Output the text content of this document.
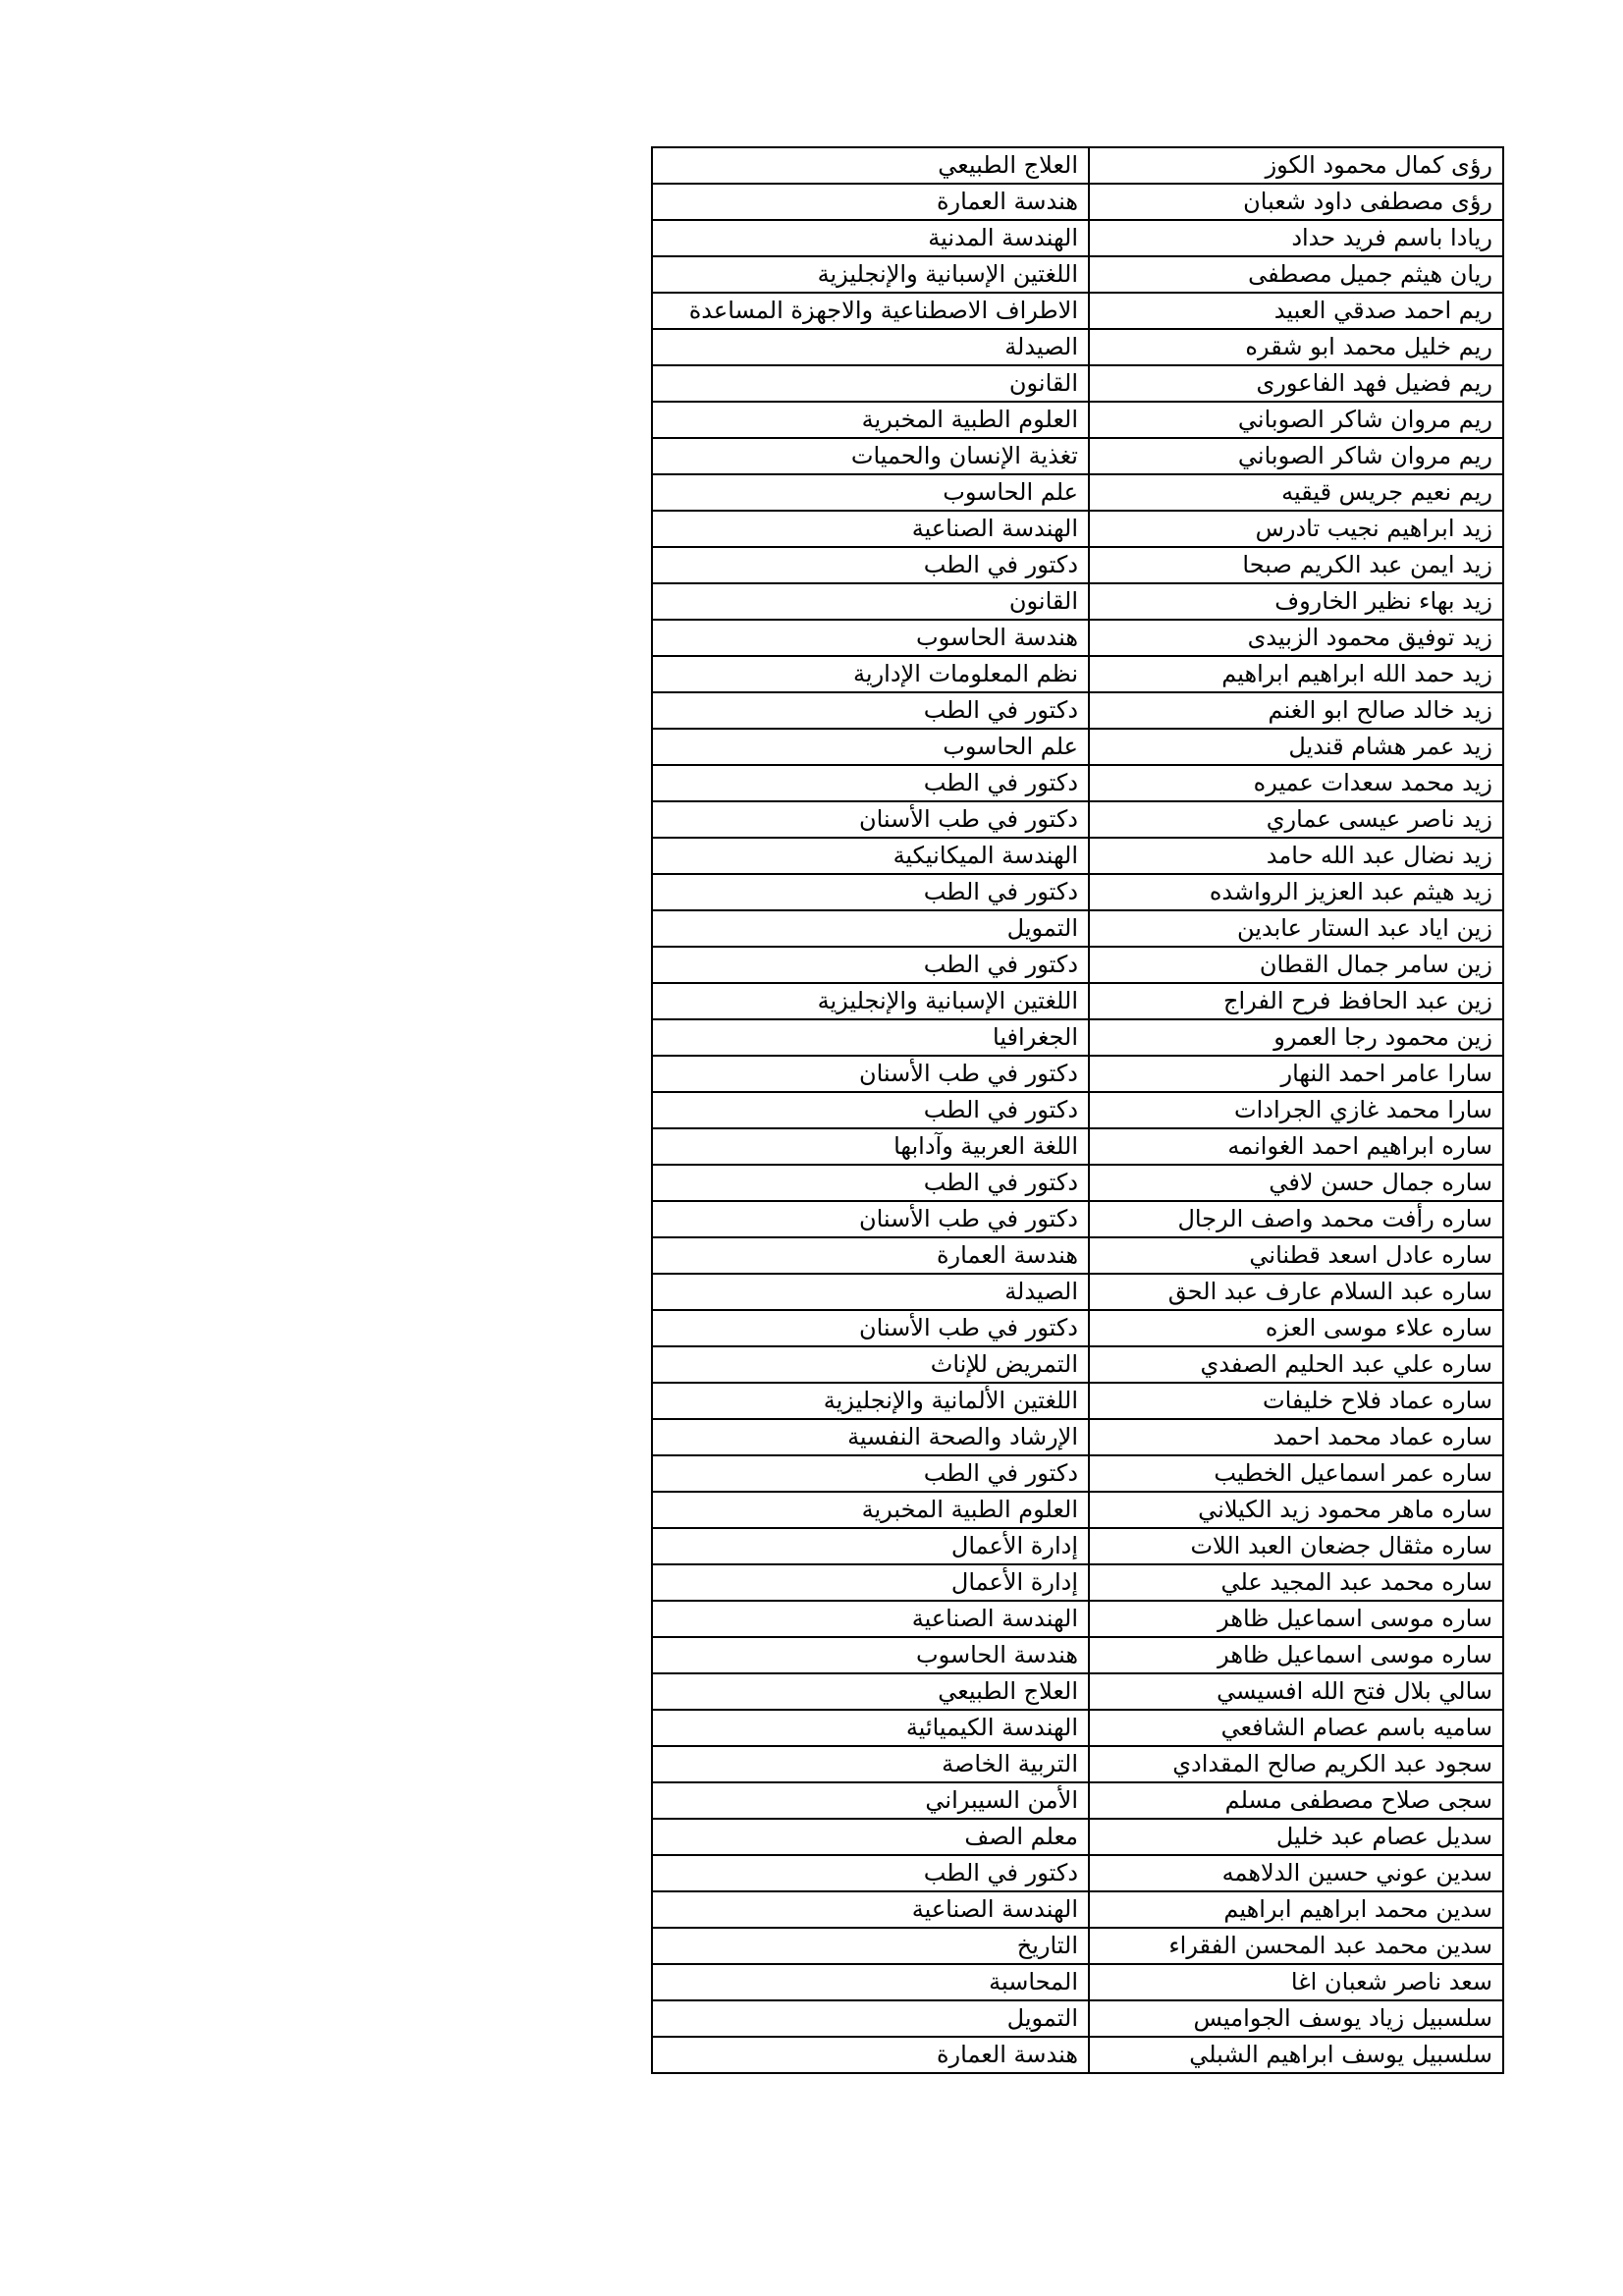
رؤى كمال محمود الكوز	العلاج الطبيعي
رؤى مصطفى داود شعبان	هندسة العمارة
ريادا باسم فريد حداد	الهندسة المدنية
ريان هيثم جميل مصطفى	اللغتين الإسبانية والإنجليزية
ريم احمد صدقي العبيد	الاطراف الاصطناعية والاجهزة المساعدة
ريم خليل محمد ابو شقره	الصيدلة
ريم فضيل فهد الفاعورى	القانون
ريم مروان شاكر الصوباني	العلوم الطبية المخبرية
ريم مروان شاكر الصوباني	تغذية الإنسان والحميات
ريم نعيم جريس قيقيه	علم الحاسوب
زيد ابراهيم نجيب تادرس	الهندسة الصناعية
زيد ايمن عبد الكريم صبحا	دكتور في الطب
زيد بهاء نظير الخاروف	القانون
زيد توفيق محمود الزبيدى	هندسة الحاسوب
زيد حمد الله ابراهيم ابراهيم	نظم المعلومات الإدارية
زيد خالد صالح ابو الغنم	دكتور في الطب
زيد عمر هشام قنديل	علم الحاسوب
زيد محمد سعدات عميره	دكتور في الطب
زيد ناصر عيسى عماري	دكتور في طب الأسنان
زيد نضال عبد الله حامد	الهندسة الميكانيكية
زيد هيثم عبد العزيز الرواشده	دكتور في الطب
زين اياد عبد الستار عابدين	التمويل
زين سامر جمال القطان	دكتور في الطب
زين عبد الحافظ فرح الفراج	اللغتين الإسبانية والإنجليزية
زين محمود رجا العمرو	الجغرافيا
سارا عامر احمد النهار	دكتور في طب الأسنان
سارا محمد غازي الجرادات	دكتور في الطب
ساره ابراهيم احمد الغوانمه	اللغة العربية وآدابها
ساره جمال حسن لافي	دكتور في الطب
ساره رأفت محمد واصف الرجال	دكتور في طب الأسنان
ساره عادل اسعد قطناني	هندسة العمارة
ساره عبد السلام عارف عبد الحق	الصيدلة
ساره علاء موسى العزه	دكتور في طب الأسنان
ساره علي عبد الحليم الصفدي	التمريض للإناث
ساره عماد فلاح خليفات	اللغتين الألمانية والإنجليزية
ساره عماد محمد احمد	الإرشاد والصحة النفسية
ساره عمر اسماعيل الخطيب	دكتور في الطب
ساره ماهر محمود زيد الكيلاني	العلوم الطبية المخبرية
ساره مثقال جضعان العبد اللات	إدارة الأعمال
ساره محمد عبد المجيد علي	إدارة الأعمال
ساره موسى اسماعيل ظاهر	الهندسة الصناعية
ساره موسى اسماعيل ظاهر	هندسة الحاسوب
سالي بلال فتح الله افسيسي	العلاج الطبيعي
ساميه باسم عصام الشافعي	الهندسة الكيميائية
سجود عبد الكريم صالح المقدادي	التربية الخاصة
سجى صلاح مصطفى مسلم	الأمن السيبراني
سديل عصام عبد خليل	معلم الصف
سدين عوني حسين الدلاهمه	دكتور في الطب
سدين محمد ابراهيم ابراهيم	الهندسة الصناعية
سدين محمد عبد المحسن الفقراء	التاريخ
سعد ناصر شعبان اغا	المحاسبة
سلسبيل زياد يوسف الجواميس	التمويل
سلسبيل يوسف ابراهيم الشبلي	هندسة العمارة
